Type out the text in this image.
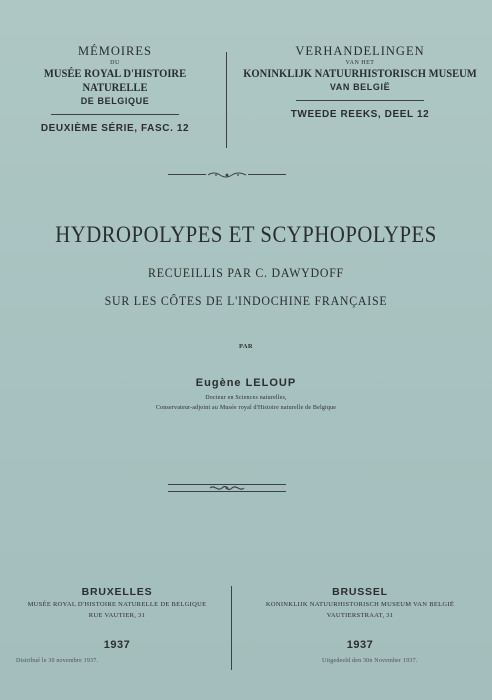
MÉMOIRES
DU
MUSÉE ROYAL D'HISTOIRE NATURELLE
DE BELGIQUE
DEUXIÈME SÉRIE, FASC. 12
VERHANDELINGEN
VAN HET
KONINKLIJK NATUURHISTORISCH MUSEUM
VAN BELGIË
TWEEDE REEKS, DEEL 12
HYDROPOLYPES ET SCYPHOPOLYPES
RECUEILLIS PAR C. DAWYDOFF
SUR LES CÔTES DE L'INDOCHINE FRANÇAISE
PAR
Eugène LELOUP
Docteur en Sciences naturelles,
Conservateur-adjoint au Musée royal d'Histoire naturelle de Belgique
BRUXELLES
MUSÉE ROYAL D'HISTOIRE NATURELLE DE BELGIQUE
RUE VAUTIER, 31
1937
BRUSSEL
KONINKLIJK NATUURHISTORISCH MUSEUM VAN BELGIË
VAUTIERSTRAAT, 31
1937
Distribué le 30 novembre 1937.	Uitgedeeld den 30n November 1937.
